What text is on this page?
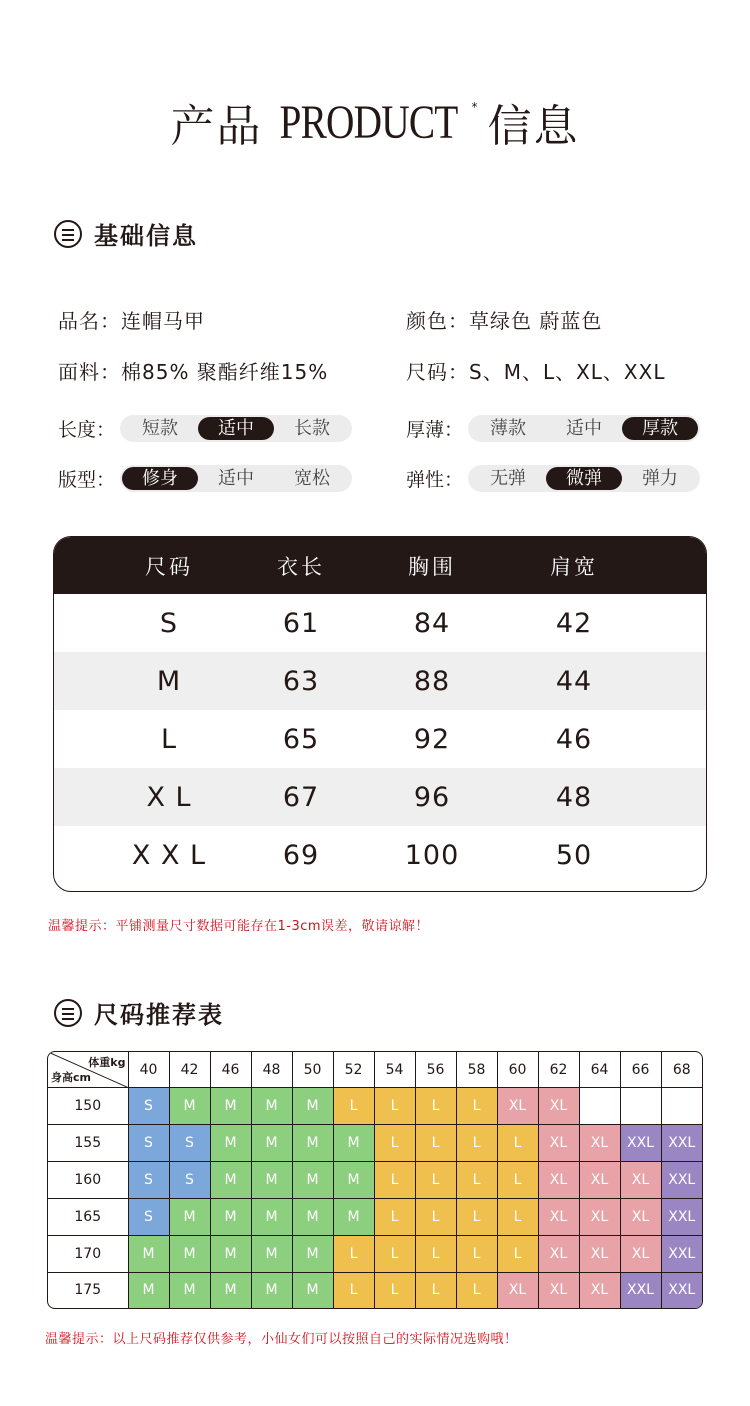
产品 PRODUCT * 信息
基础信息
品名：连帽马甲	颜色：草绿色 蔚蓝色
面料：棉85% 聚酯纤维15%	尺码：S、M、L、XL、XXL
长度：	短款	适中	长款	厚薄：	薄款	适中	厚款
版型：	修身	适中	宽松	弹性：	无弹	微弹	弹力
尺码	衣长	胸围	肩宽
S	61	84	42
M	63	88	44
L	65	92	46
X L	67	96	48
X X L	69	100	50
温馨提示：平铺测量尺寸数据可能存在1-3cm误差，敬请谅解！
尺码推荐表
体重kg
身高cm	40	42	46	48	50	52	54	56	58	60	62	64	66	68
150	S	M	M	M	M	L	L	L	L	XL	XL			
155	S	S	M	M	M	M	L	L	L	L	XL	XL	XXL	XXL
160	S	S	M	M	M	M	L	L	L	L	XL	XL	XL	XXL
165	S	M	M	M	M	M	L	L	L	L	XL	XL	XL	XXL
170	M	M	M	M	M	L	L	L	L	L	XL	XL	XL	XXL
175	M	M	M	M	M	L	L	L	L	XL	XL	XL	XXL	XXL
温馨提示：以上尺码推荐仅供参考，小仙女们可以按照自己的实际情况选购哦！
